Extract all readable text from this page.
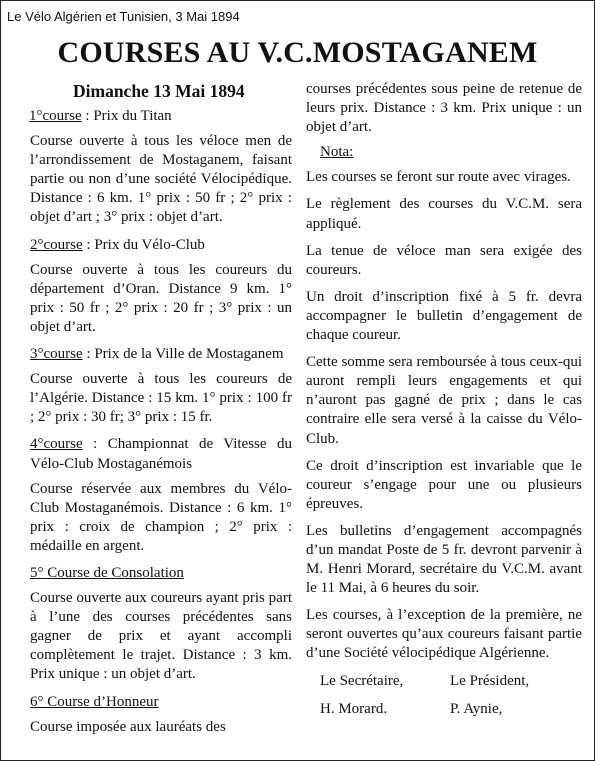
Le Vélo Algérien et Tunisien, 3 Mai 1894
COURSES AU V.C.MOSTAGANEM
Dimanche 13 Mai 1894

1°course : Prix du Titan

Course ouverte à tous les véloce men de l’arrondissement de Mostaganem, faisant partie ou non d’une société Vélocipédique. Distance : 6 km. 1° prix : 50 fr ; 2° prix : objet d’art ; 3° prix : objet d’art.

2°course : Prix du Vélo-Club

Course ouverte à tous les coureurs du département d’Oran. Distance 9 km. 1° prix : 50 fr ; 2° prix : 20 fr ; 3° prix : un objet d’art.

3°course : Prix de la Ville de Mostaganem

Course ouverte à tous les coureurs de l’Algérie. Distance : 15 km. 1° prix : 100 fr ; 2° prix : 30 fr; 3° prix : 15 fr.

4°course : Championnat de Vitesse du Vélo-Club Mostaganémois

Course réservée aux membres du Vélo-Club Mostaganémois. Distance : 6 km. 1° prix : croix de champion ; 2° prix : médaille en argent.

5° Course de Consolation

Course ouverte aux coureurs ayant pris part à l’une des courses précédentes sans gagner de prix et ayant accompli complètement le trajet. Distance : 3 km. Prix unique : un objet d’art.

6° Course d’Honneur

Course imposée aux lauréats des

courses précédentes sous peine de retenue de leurs prix. Distance : 3 km. Prix unique : un objet d’art.

Nota:

Les courses se feront sur route avec virages.

Le règlement des courses du V.C.M. sera appliqué.

La tenue de véloce man sera exigée des coureurs.

Un droit d’inscription fixé à 5 fr. devra accompagner le bulletin d’engagement de chaque coureur.

Cette somme sera remboursée à tous ceux-qui auront rempli leurs engagements et qui n’auront pas gagné de prix ; dans le cas contraire elle sera versé à la caisse du Vélo-Club.

Ce droit d’inscription est invariable que le coureur s’engage pour une ou plusieurs épreuves.

Les bulletins d’engagement accompagnés d’un mandat Poste de 5 fr. devront parvenir à M. Henri Morard, secrétaire du V.C.M. avant le 11 Mai, à 6 heures du soir.

Les courses, à l’exception de la première, ne seront ouvertes qu’aux coureurs faisant partie d’une Société vélocipédique Algérienne.

Le Secrétaire,	Le Président,
H. Morard.	P. Aynie,
